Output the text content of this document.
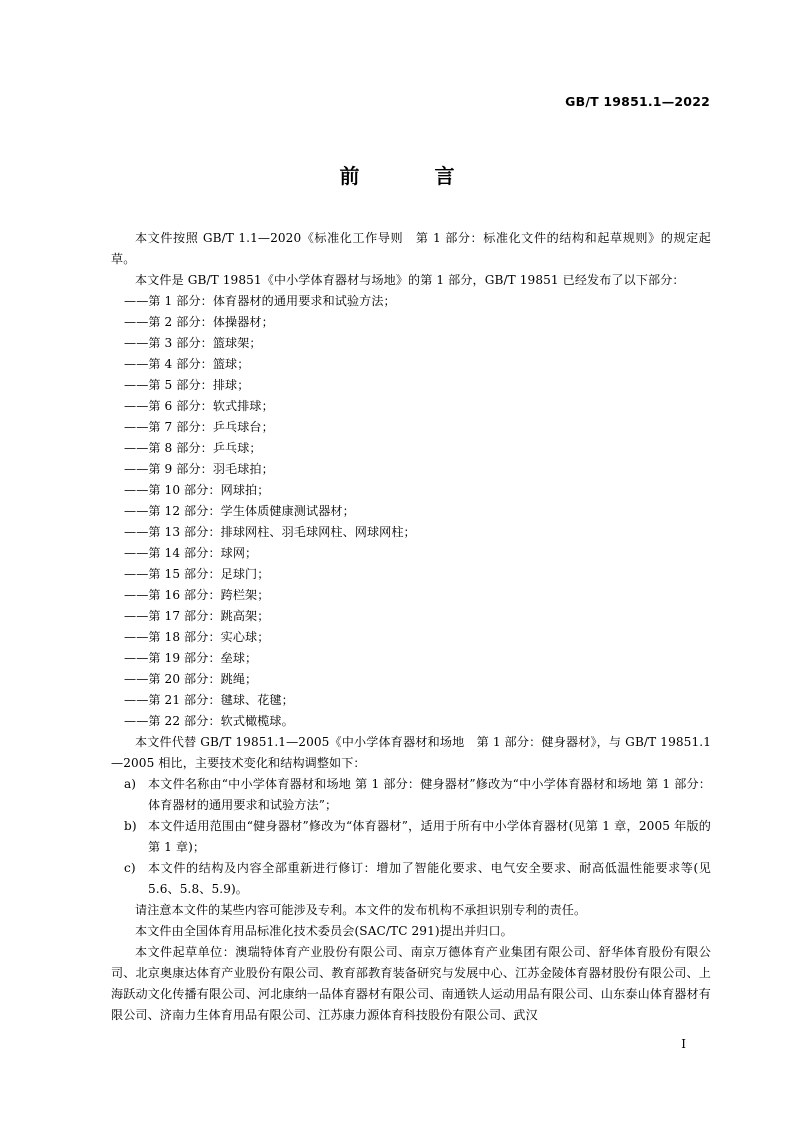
GB/T 19851.1—2022
前 言

本文件按照 GB/T 1.1—2020《标准化工作导则　第 1 部分：标准化文件的结构和起草规则》的规定起草。

本文件是 GB/T 19851《中小学体育器材与场地》的第 1 部分，GB/T 19851 已经发布了以下部分：

——第 1 部分：体育器材的通用要求和试验方法；
——第 2 部分：体操器材；
——第 3 部分：篮球架；
——第 4 部分：篮球；
——第 5 部分：排球；
——第 6 部分：软式排球；
——第 7 部分：乒乓球台；
——第 8 部分：乒乓球；
——第 9 部分：羽毛球拍；
——第 10 部分：网球拍；
——第 12 部分：学生体质健康测试器材；
——第 13 部分：排球网柱、羽毛球网柱、网球网柱；
——第 14 部分：球网；
——第 15 部分：足球门；
——第 16 部分：跨栏架；
——第 17 部分：跳高架；
——第 18 部分：实心球；
——第 19 部分：垒球；
——第 20 部分：跳绳；
——第 21 部分：毽球、花毽；
——第 22 部分：软式橄榄球。

本文件代替 GB/T 19851.1—2005《中小学体育器材和场地　第 1 部分：健身器材》，与 GB/T 19851.1—2005 相比，主要技术变化和结构调整如下：

a) 本文件名称由“中小学体育器材和场地 第 1 部分：健身器材”修改为“中小学体育器材和场地 第 1 部分：体育器材的通用要求和试验方法”；
b) 本文件适用范围由“健身器材”修改为“体育器材”，适用于所有中小学体育器材(见第 1 章，2005 年版的第 1 章)；
c) 本文件的结构及内容全部重新进行修订：增加了智能化要求、电气安全要求、耐高低温性能要求等(见 5.6、5.8、5.9)。

请注意本文件的某些内容可能涉及专利。本文件的发布机构不承担识别专利的责任。

本文件由全国体育用品标准化技术委员会(SAC/TC 291)提出并归口。

本文件起草单位：澳瑞特体育产业股份有限公司、南京万德体育产业集团有限公司、舒华体育股份有限公司、北京奥康达体育产业股份有限公司、教育部教育装备研究与发展中心、江苏金陵体育器材股份有限公司、上海跃动文化传播有限公司、河北康纳一品体育器材有限公司、南通铁人运动用品有限公司、山东泰山体育器材有限公司、济南力生体育用品有限公司、江苏康力源体育科技股份有限公司、武汉

I
